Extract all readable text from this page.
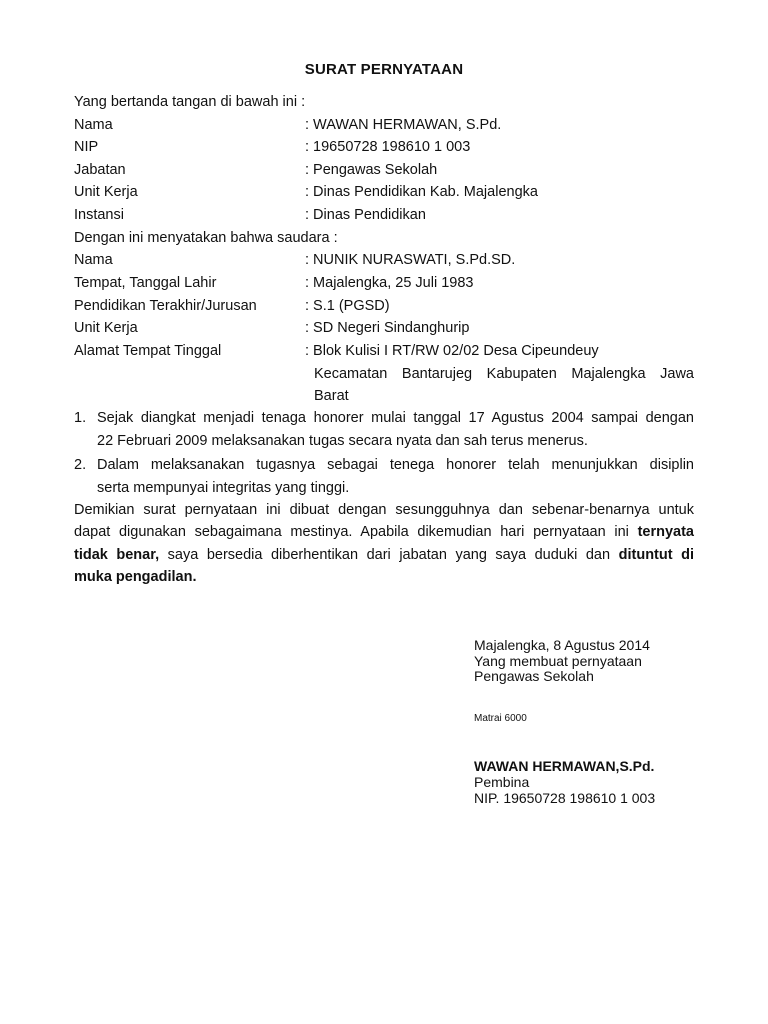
SURAT PERNYATAAN
Yang bertanda tangan di bawah ini :
Nama	: WAWAN HERMAWAN, S.Pd.
NIP	: 19650728 198610 1 003
Jabatan	: Pengawas Sekolah
Unit Kerja	: Dinas Pendidikan Kab. Majalengka
Instansi	: Dinas Pendidikan
Dengan ini menyatakan bahwa saudara :
Nama	: NUNIK NURASWATI, S.Pd.SD.
Tempat, Tanggal Lahir	: Majalengka, 25 Juli 1983
Pendidikan Terakhir/Jurusan	: S.1 (PGSD)
Unit Kerja	: SD Negeri Sindanghurip
Alamat Tempat Tinggal	: Blok Kulisi I RT/RW 02/02 Desa Cipeundeuy
Kecamatan Bantarujeg Kabupaten Majalengka Jawa
Barat
1. Sejak diangkat menjadi tenaga honorer mulai tanggal 17 Agustus 2004 sampai dengan
22 Februari 2009 melaksanakan tugas secara nyata dan sah terus menerus.
2. Dalam melaksanakan tugasnya sebagai tenega honorer telah menunjukkan disiplin
serta mempunyai integritas yang tinggi.
Demikian surat pernyataan ini dibuat dengan sesungguhnya dan sebenar-benarnya untuk
dapat digunakan sebagaimana mestinya. Apabila dikemudian hari pernyataan ini ternyata
tidak benar, saya bersedia diberhentikan dari jabatan yang saya duduki dan dituntut di
muka pengadilan.
Majalengka, 8 Agustus 2014
Yang membuat pernyataan
Pengawas Sekolah
Matrai 6000
WAWAN HERMAWAN,S.Pd.
Pembina
NIP. 19650728 198610 1 003
